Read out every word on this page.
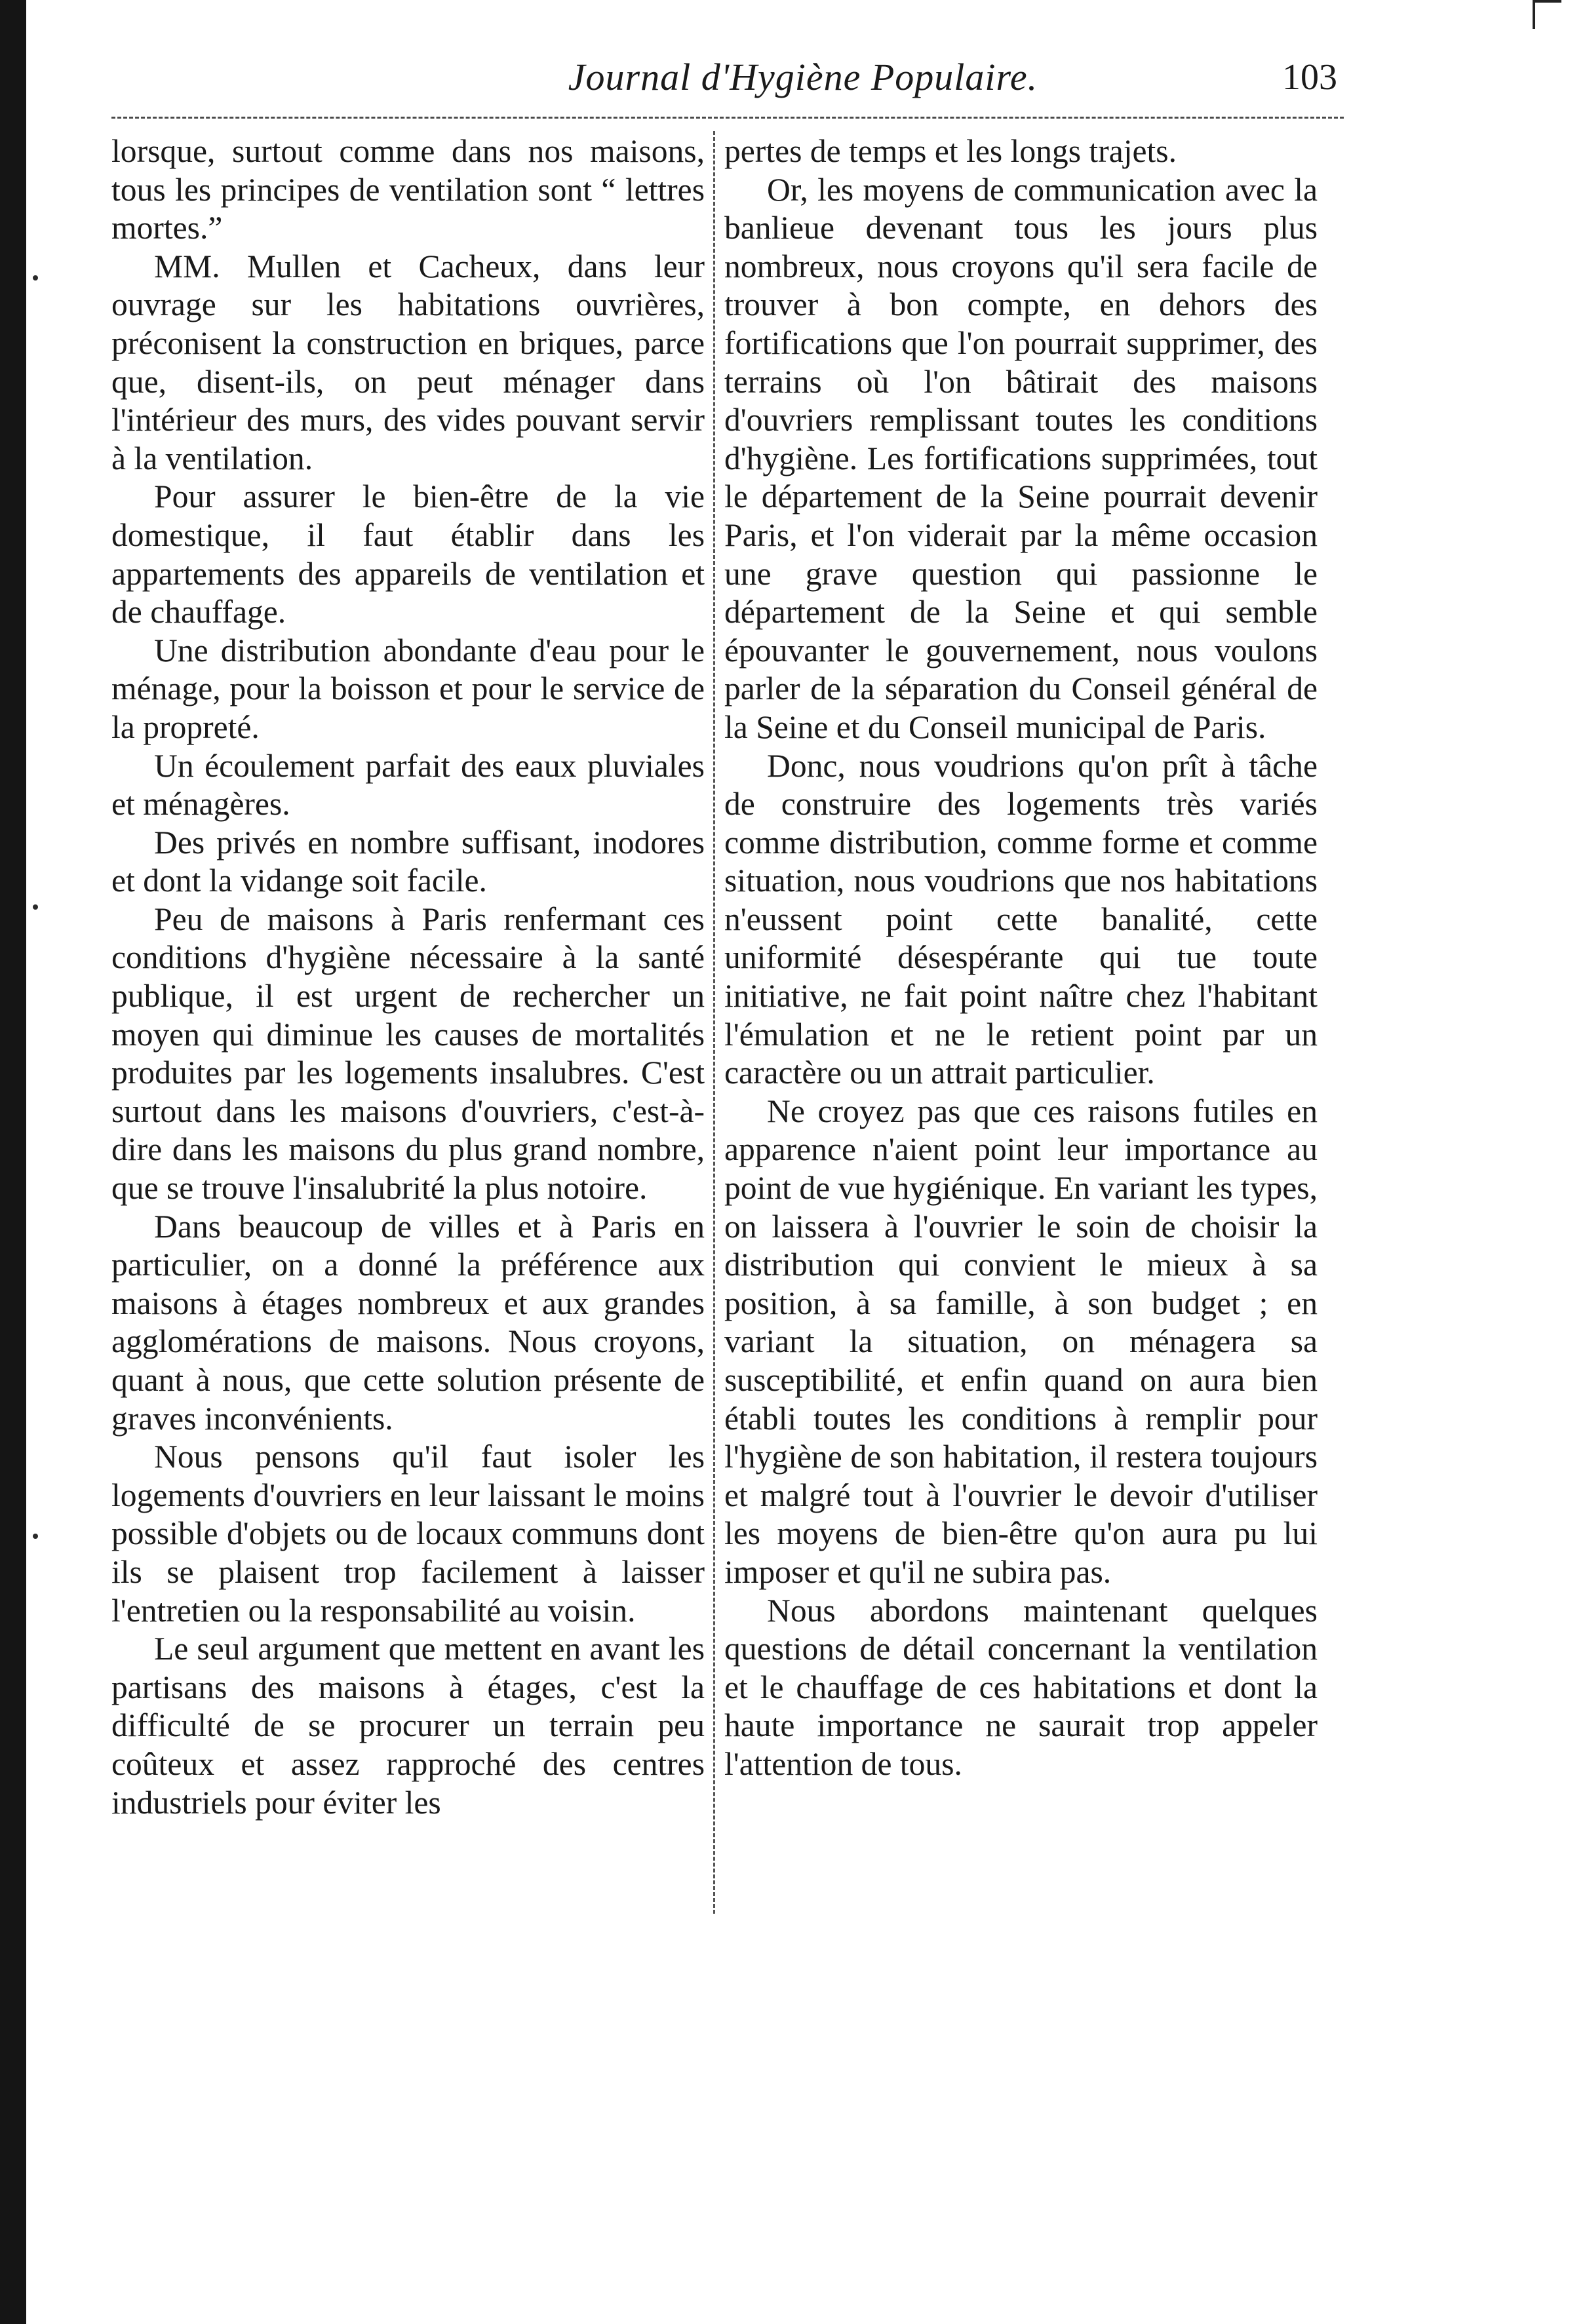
Journal d'Hygiène Populaire.	103

lorsque, surtout comme dans nos maisons, tous les principes de ventilation sont “ lettres mortes.”

MM. Mullen et Cacheux, dans leur ouvrage sur les habitations ouvrières, préconisent la construction en briques, parce que, disent-ils, on peut ménager dans l'intérieur des murs, des vides pouvant servir à la ventilation.

Pour assurer le bien-être de la vie domestique, il faut établir dans les appartements des appareils de ventilation et de chauffage.

Une distribution abondante d'eau pour le ménage, pour la boisson et pour le service de la propreté.

Un écoulement parfait des eaux pluviales et ménagères.

Des privés en nombre suffisant, inodores et dont la vidange soit facile.

Peu de maisons à Paris renfermant ces conditions d'hygiène nécessaire à la santé publique, il est urgent de rechercher un moyen qui diminue les causes de mortalités produites par les logements insalubres. C'est surtout dans les maisons d'ouvriers, c'est-à-dire dans les maisons du plus grand nombre, que se trouve l'insalubrité la plus notoire.

Dans beaucoup de villes et à Paris en particulier, on a donné la préférence aux maisons à étages nombreux et aux grandes agglomérations de maisons. Nous croyons, quant à nous, que cette solution présente de graves inconvénients.

Nous pensons qu'il faut isoler les logements d'ouvriers en leur laissant le moins possible d'objets ou de locaux communs dont ils se plaisent trop facilement à laisser l'entretien ou la responsabilité au voisin.

Le seul argument que mettent en avant les partisans des maisons à étages, c'est la difficulté de se procurer un terrain peu coûteux et assez rapproché des centres industriels pour éviter les

pertes de temps et les longs trajets.

Or, les moyens de communication avec la banlieue devenant tous les jours plus nombreux, nous croyons qu'il sera facile de trouver à bon compte, en dehors des fortifications que l'on pourrait supprimer, des terrains où l'on bâtirait des maisons d'ouvriers remplissant toutes les conditions d'hygiène. Les fortifications supprimées, tout le département de la Seine pourrait devenir Paris, et l'on viderait par la même occasion une grave question qui passionne le département de la Seine et qui semble épouvanter le gouvernement, nous voulons parler de la séparation du Conseil général de la Seine et du Conseil municipal de Paris.

Donc, nous voudrions qu'on prît à tâche de construire des logements très variés comme distribution, comme forme et comme situation, nous voudrions que nos habitations n'eussent point cette banalité, cette uniformité désespérante qui tue toute initiative, ne fait point naître chez l'habitant l'émulation et ne le retient point par un caractère ou un attrait particulier.

Ne croyez pas que ces raisons futiles en apparence n'aient point leur importance au point de vue hygiénique. En variant les types, on laissera à l'ouvrier le soin de choisir la distribution qui convient le mieux à sa position, à sa famille, à son budget ; en variant la situation, on ménagera sa susceptibilité, et enfin quand on aura bien établi toutes les conditions à remplir pour l'hygiène de son habitation, il restera toujours et malgré tout à l'ouvrier le devoir d'utiliser les moyens de bien-être qu'on aura pu lui imposer et qu'il ne subira pas.

Nous abordons maintenant quelques questions de détail concernant la ventilation et le chauffage de ces habitations et dont la haute importance ne saurait trop appeler l'attention de tous.
